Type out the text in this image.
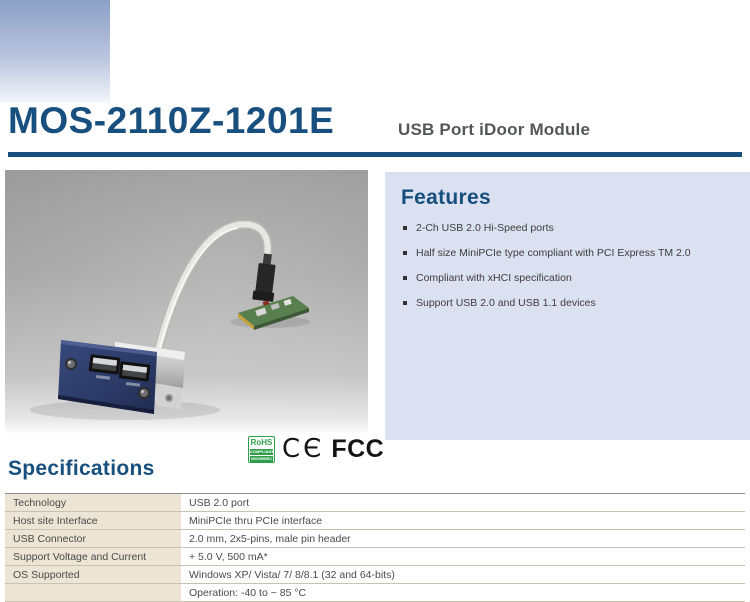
MOS-2110Z-1201E	USB Port iDoor Module
Features
2-Ch USB 2.0 Hi-Speed ports
Half size MiniPCIe type compliant with PCI Express TM 2.0
Compliant with xHCI specification
Support USB 2.0 and USB 1.1 devices
RoHS
COMPLIANT
2002/95/EC CЄ FCC
Specifications
Technology	USB 2.0 port
Host site Interface	MiniPCIe thru PCIe interface
USB Connector	2.0 mm, 2x5-pins, male pin header
Support Voltage and Current	+ 5.0 V, 500 mA*
OS Supported	Windows XP/ Vista/ 7/ 8/8.1 (32 and 64-bits)
	Operation: -40 to ~ 85 °C
